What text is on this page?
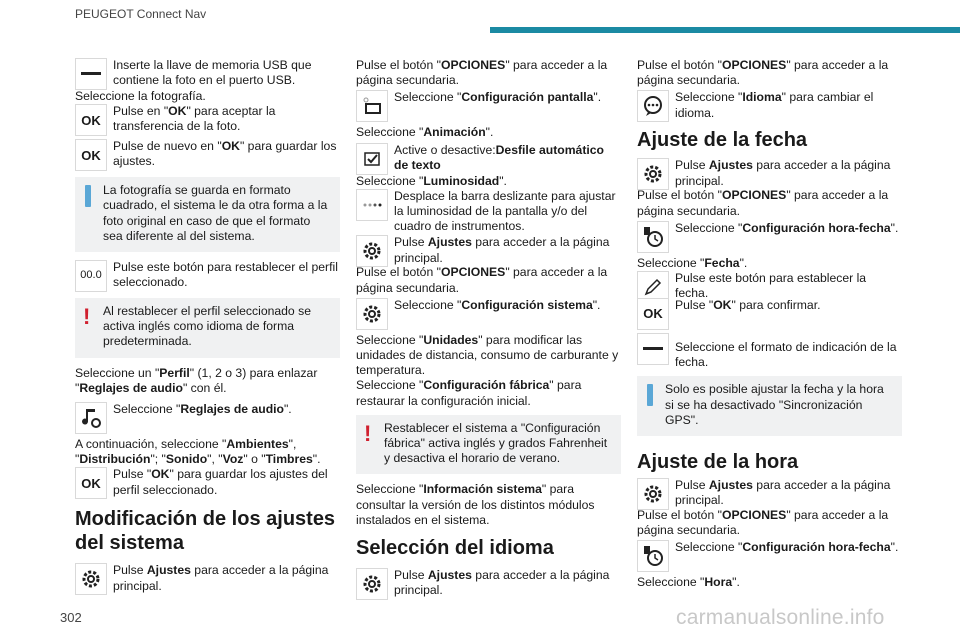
PEUGEOT Connect Nav
Inserte la llave de memoria USB que contiene la foto en el puerto USB.
Seleccione la fotografía.
OK
Pulse en "OK" para aceptar la transferencia de la foto.
OK
Pulse de nuevo en "OK" para guardar los ajustes.
La fotografía se guarda en formato cuadrado, el sistema le da otra forma a la foto original en caso de que el formato sea diferente al del sistema.
00.0
Pulse este botón para restablecer el perfil seleccionado.
!	Al restablecer el perfil seleccionado se activa inglés como idioma de forma predeterminada.
Seleccione un "Perfil" (1, 2 o 3) para enlazar "Reglajes de audio" con él.
Seleccione "Reglajes de audio".
A continuación, seleccione "Ambientes", "Distribución"; "Sonido", "Voz" o "Timbres".
OK
Pulse "OK" para guardar los ajustes del perfil seleccionado.
Modificación de los ajustes del sistema
Pulse Ajustes para acceder a la página principal.
Pulse el botón "OPCIONES" para acceder a la página secundaria.
Seleccione "Configuración pantalla".
Seleccione "Animación".
Active o desactive:Desfile automático de texto
Seleccione "Luminosidad".
Desplace la barra deslizante para ajustar la luminosidad de la pantalla y/o del cuadro de instrumentos.
Pulse Ajustes para acceder a la página principal.
Pulse el botón "OPCIONES" para acceder a la página secundaria.
Seleccione "Configuración sistema".
Seleccione "Unidades" para modificar las unidades de distancia, consumo de carburante y temperatura.
Seleccione "Configuración fábrica" para restaurar la configuración inicial.
!	Restablecer el sistema a "Configuración fábrica" activa inglés y grados Fahrenheit y desactiva el horario de verano.
Seleccione "Información sistema" para consultar la versión de los distintos módulos instalados en el sistema.
Selección del idioma
Pulse Ajustes para acceder a la página principal.
Pulse el botón "OPCIONES" para acceder a la página secundaria.
Seleccione "Idioma" para cambiar el idioma.
Ajuste de la fecha
Pulse Ajustes para acceder a la página principal.
Pulse el botón "OPCIONES" para acceder a la página secundaria.
Seleccione "Configuración hora-fecha".
Seleccione "Fecha".
Pulse este botón para establecer la fecha.
OK
Pulse "OK" para confirmar.
Seleccione el formato de indicación de la fecha.
Solo es posible ajustar la fecha y la hora si se ha desactivado "Sincronización GPS".
Ajuste de la hora
Pulse Ajustes para acceder a la página principal.
Pulse el botón "OPCIONES" para acceder a la página secundaria.
Seleccione "Configuración hora-fecha".
Seleccione "Hora".
302	carmanualsonline.info
